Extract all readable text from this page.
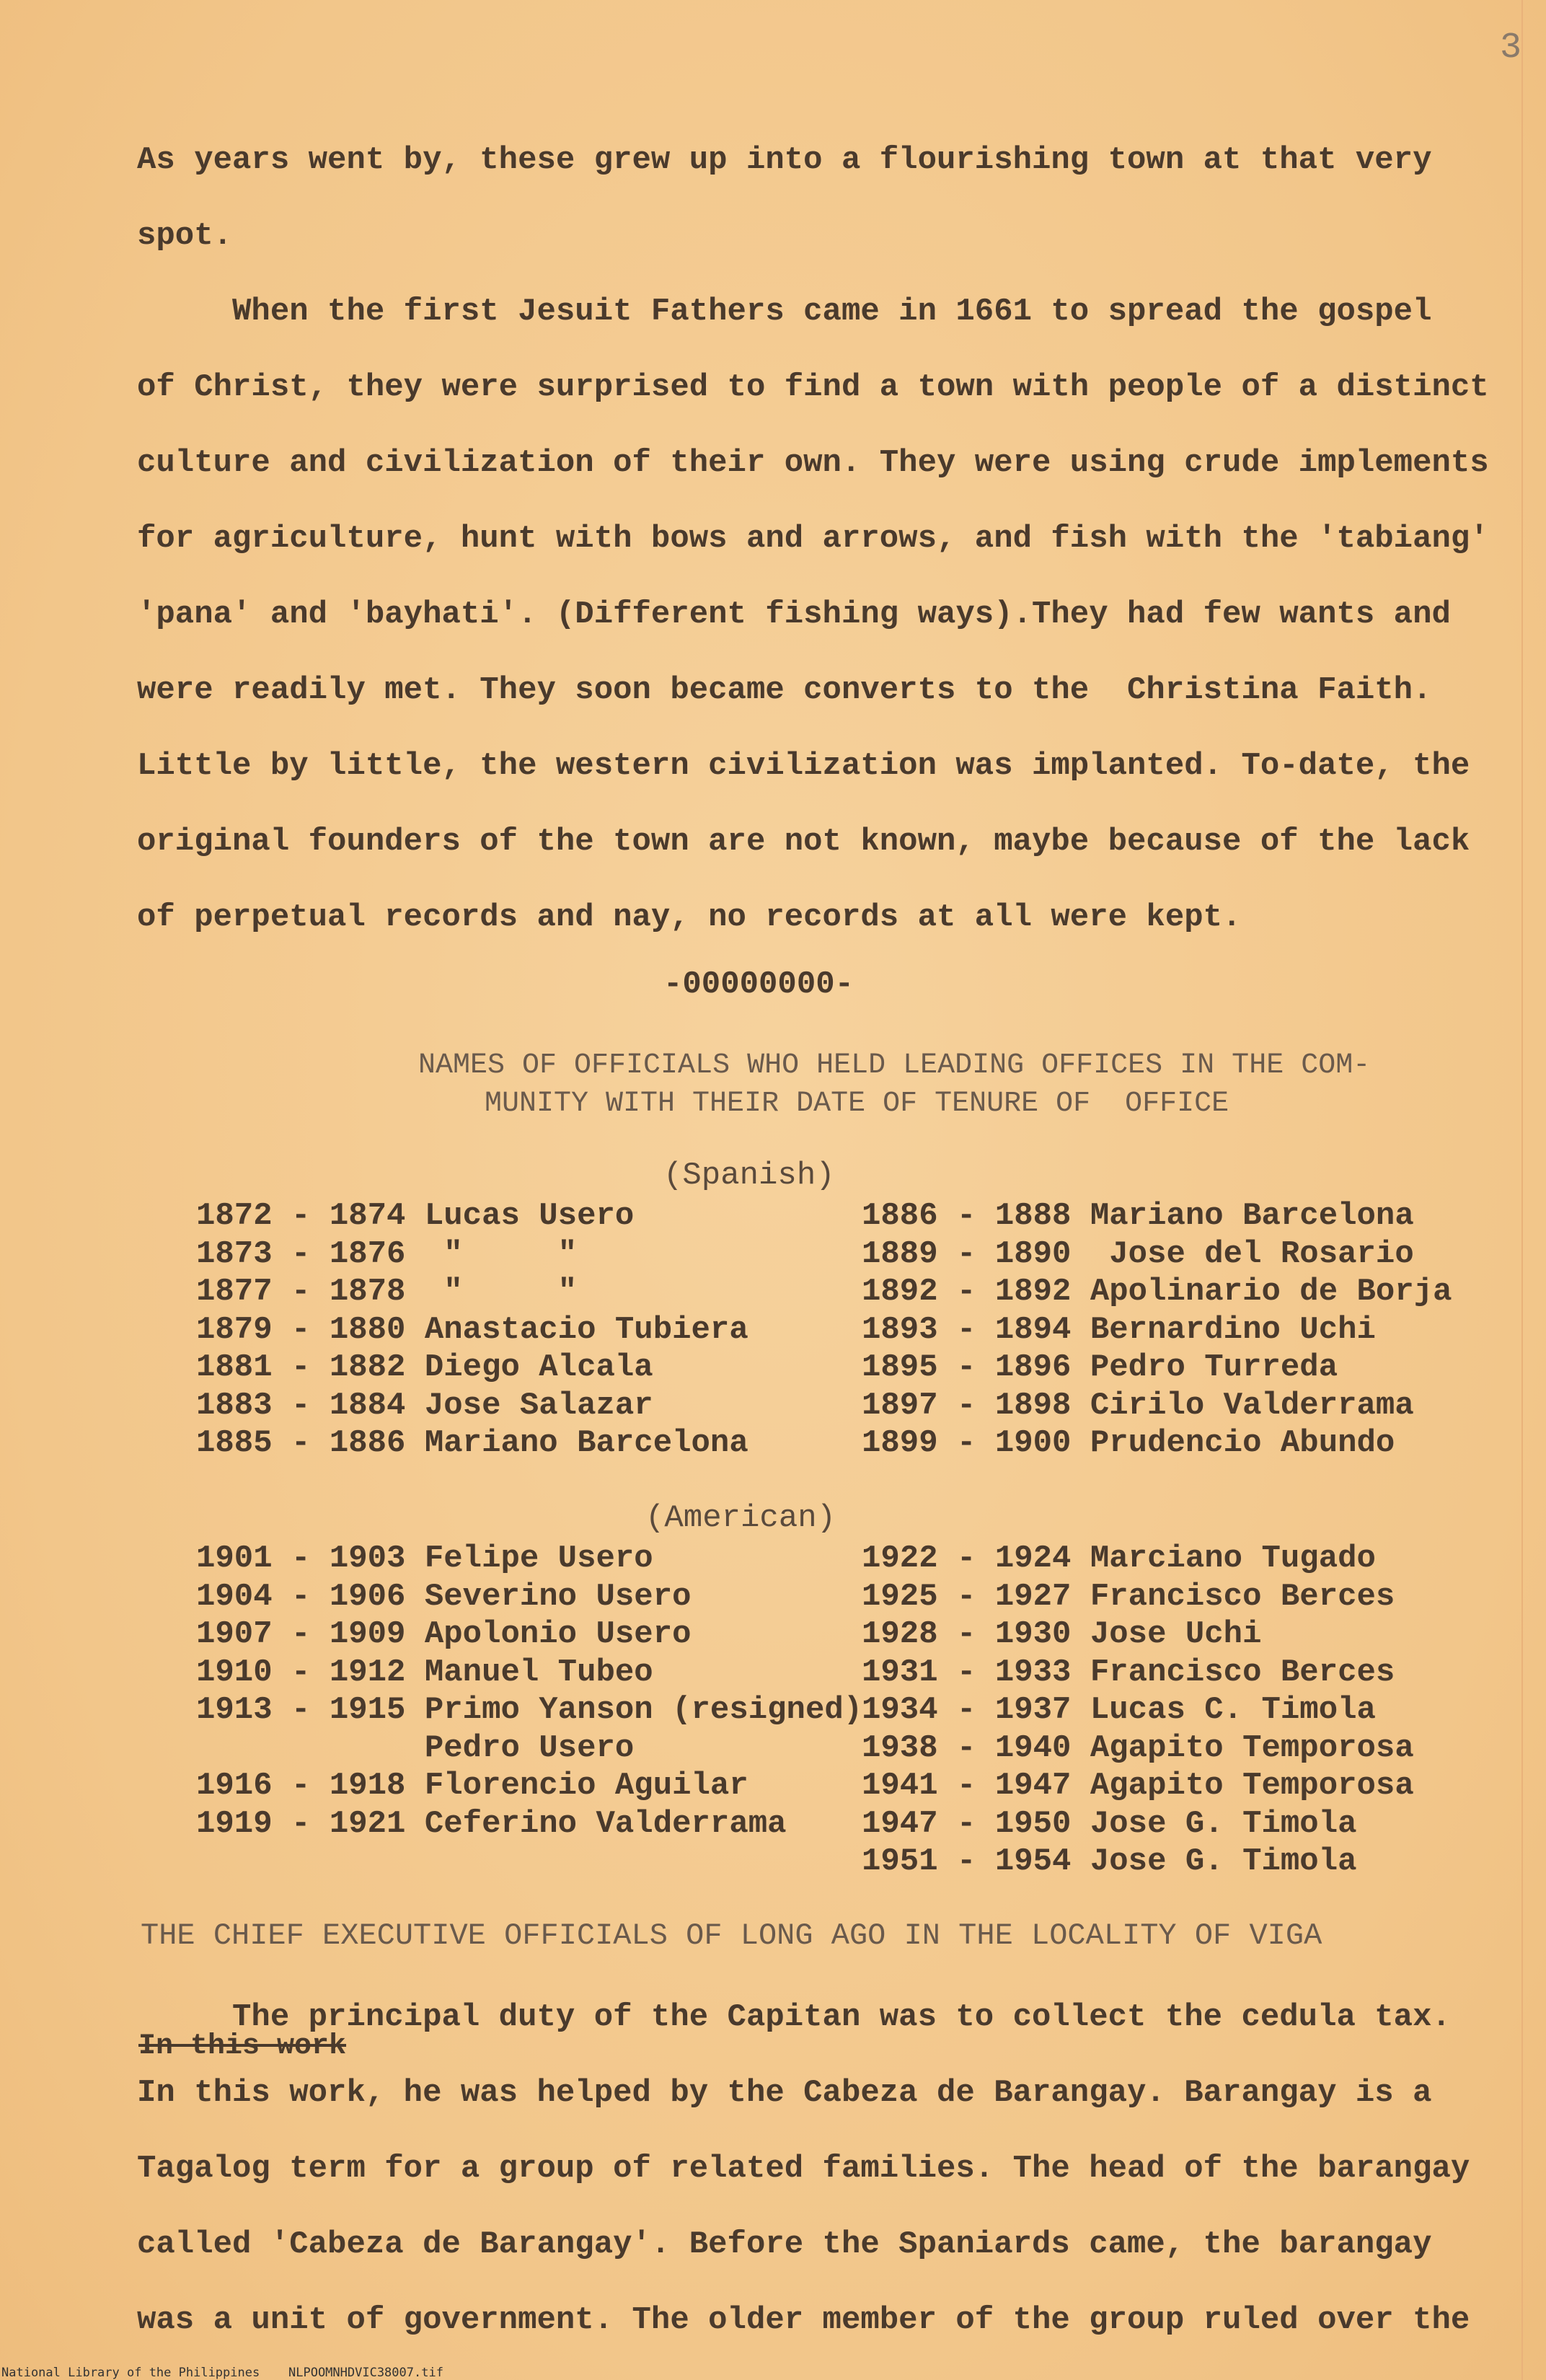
3
As years went by, these grew up into a flourishing town at that very
spot.
When the first Jesuit Fathers came in 1661 to spread the gospel
of Christ, they were surprised to find a town with people of a distinct
culture and civilization of their own. They were using crude implements
for agriculture, hunt with bows and arrows, and fish with the 'tabiang'
'pana' and 'bayhati'. (Different fishing ways).They had few wants and
were readily met. They soon became converts to the  Christina Faith.
Little by little, the western civilization was implanted. To-date, the
original founders of the town are not known, maybe because of the lack
of perpetual records and nay, no records at all were kept.
-00000000-
NAMES OF OFFICIALS WHO HELD LEADING OFFICES IN THE COM-
MUNITY WITH THEIR DATE OF TENURE OF  OFFICE
(Spanish)
1872 - 1874 Lucas Usero
1873 - 1876  "     "
1877 - 1878  "     "
1879 - 1880 Anastacio Tubiera
1881 - 1882 Diego Alcala
1883 - 1884 Jose Salazar
1885 - 1886 Mariano Barcelona
1886 - 1888 Mariano Barcelona
1889 - 1890  Jose del Rosario
1892 - 1892 Apolinario de Borja
1893 - 1894 Bernardino Uchi
1895 - 1896 Pedro Turreda
1897 - 1898 Cirilo Valderrama
1899 - 1900 Prudencio Abundo
(American)
1901 - 1903 Felipe Usero
1904 - 1906 Severino Usero
1907 - 1909 Apolonio Usero
1910 - 1912 Manuel Tubeo
1913 - 1915 Primo Yanson (resigned)
Pedro Usero
1916 - 1918 Florencio Aguilar
1919 - 1921 Ceferino Valderrama
1922 - 1924 Marciano Tugado
1925 - 1927 Francisco Berces
1928 - 1930 Jose Uchi
1931 - 1933 Francisco Berces
1934 - 1937 Lucas C. Timola
1938 - 1940 Agapito Temporosa
1941 - 1947 Agapito Temporosa
1947 - 1950 Jose G. Timola
1951 - 1954 Jose G. Timola
THE CHIEF EXECUTIVE OFFICIALS OF LONG AGO IN THE LOCALITY OF VIGA
The principal duty of the Capitan was to collect the cedula tax.
In this work
In this work, he was helped by the Cabeza de Barangay. Barangay is a
Tagalog term for a group of related families. The head of the barangay
called 'Cabeza de Barangay'. Before the Spaniards came, the barangay
was a unit of government. The older member of the group ruled over the
National Library of the Philippines NLPOOMNHDVIC38007.tif
